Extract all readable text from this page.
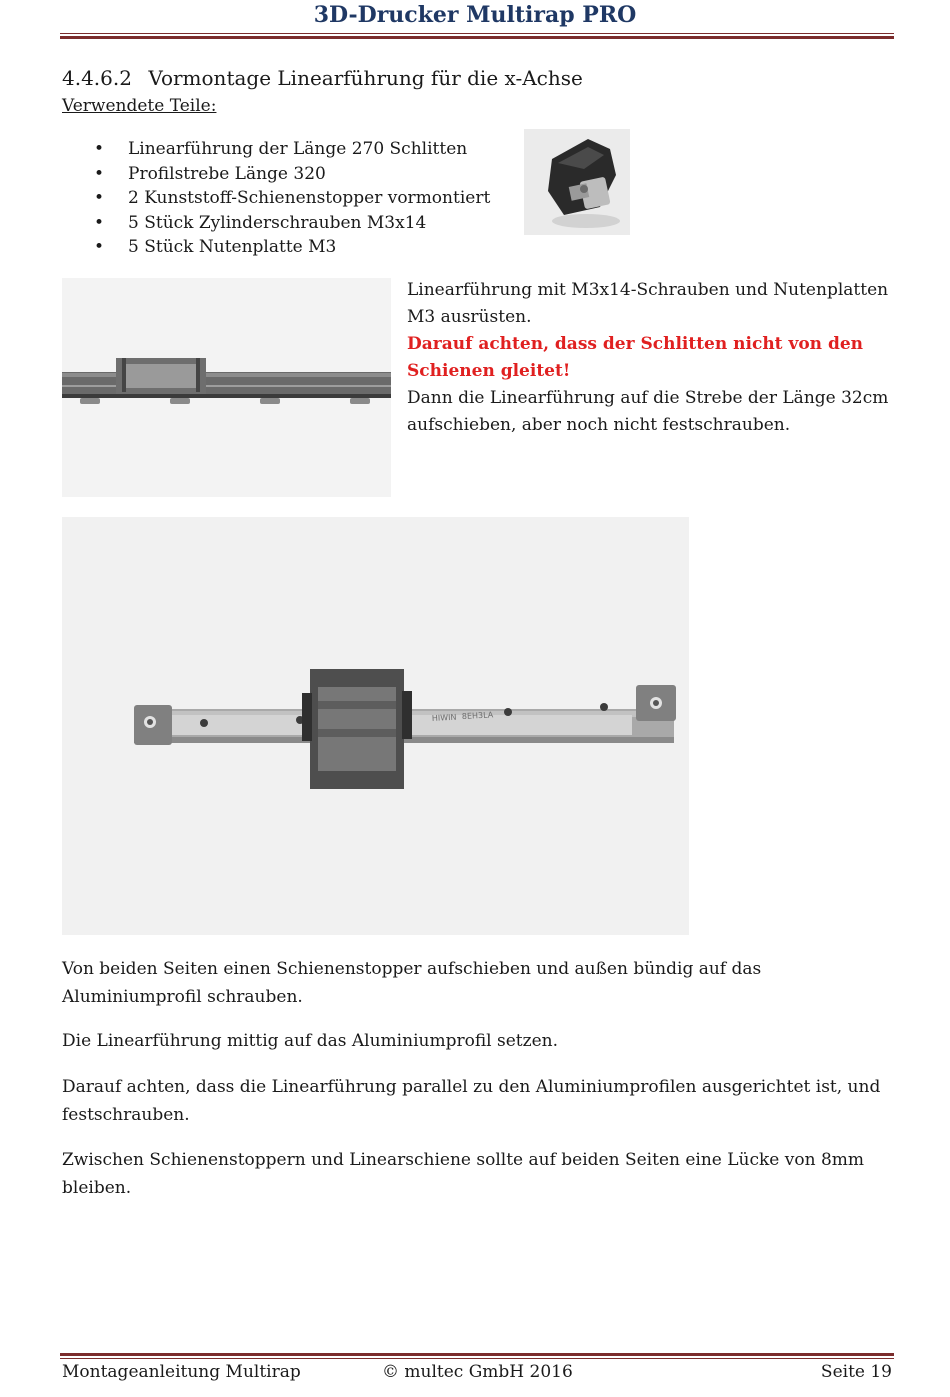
3D-Drucker Multirap PRO
4.4.6.2 Vormontage Linearführung für die x-Achse
Verwendete Teile:
• Linearführung der Länge 270 Schlitten
• Profilstrebe Länge 320
• 2 Kunststoff-Schienenstopper vormontiert
• 5 Stück Zylinderschrauben M3x14
• 5 Stück Nutenplatte M3

Linearführung mit M3x14-Schrauben und Nutenplatten M3 ausrüsten.

Darauf achten, dass der Schlitten nicht von den Schienen gleitet!

Dann die Linearführung auf die Strebe der Länge 32cm aufschieben, aber noch nicht festschrauben.

HIWIN 8EH3LA

Von beiden Seiten einen Schienenstopper aufschieben und außen bündig auf das Aluminiumprofil schrauben.

Die Linearführung mittig auf das Aluminiumprofil setzen.

Darauf achten, dass die Linearführung parallel zu den Aluminiumprofilen ausgerichtet ist, und festschrauben.

Zwischen Schienenstoppern und Linearschiene sollte auf beiden Seiten eine Lücke von 8mm bleiben.

Montageanleitung Multirap	© multec GmbH 2016	Seite 19
